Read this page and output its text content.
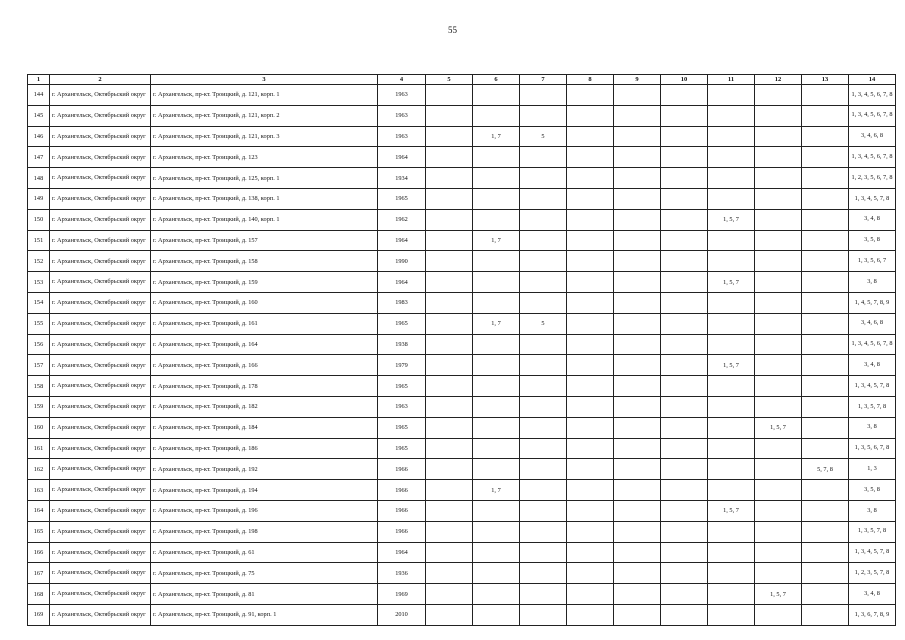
55
1	2	3	4	5	6	7	8	9	10	11	12	13	14
144	г. Архангельск, Октябрьский округ	г. Архангельск, пр-кт. Троицкий, д. 121, корп. 1	1963										1, 3, 4, 5, 6, 7, 8
145	г. Архангельск, Октябрьский округ	г. Архангельск, пр-кт. Троицкий, д. 121, корп. 2	1963										1, 3, 4, 5, 6, 7, 8
146	г. Архангельск, Октябрьский округ	г. Архангельск, пр-кт. Троицкий, д. 121, корп. 3	1963		1, 7	5							3, 4, 6, 8
147	г. Архангельск, Октябрьский округ	г. Архангельск, пр-кт. Троицкий, д. 123	1964										1, 3, 4, 5, 6, 7, 8
148	г. Архангельск, Октябрьский округ	г. Архангельск, пр-кт. Троицкий, д. 125, корп. 1	1934										1, 2, 3, 5, 6, 7, 8
149	г. Архангельск, Октябрьский округ	г. Архангельск, пр-кт. Троицкий, д. 138, корп. 1	1965										1, 3, 4, 5, 7, 8
150	г. Архангельск, Октябрьский округ	г. Архангельск, пр-кт. Троицкий, д. 140, корп. 1	1962							1, 5, 7			3, 4, 8
151	г. Архангельск, Октябрьский округ	г. Архангельск, пр-кт. Троицкий, д. 157	1964		1, 7								3, 5, 8
152	г. Архангельск, Октябрьский округ	г. Архангельск, пр-кт. Троицкий, д. 158	1990										1, 3, 5, 6, 7
153	г. Архангельск, Октябрьский округ	г. Архангельск, пр-кт. Троицкий, д. 159	1964							1, 5, 7			3, 8
154	г. Архангельск, Октябрьский округ	г. Архангельск, пр-кт. Троицкий, д. 160	1983										1, 4, 5, 7, 8, 9
155	г. Архангельск, Октябрьский округ	г. Архангельск, пр-кт. Троицкий, д. 161	1965		1, 7	5							3, 4, 6, 8
156	г. Архангельск, Октябрьский округ	г. Архангельск, пр-кт. Троицкий, д. 164	1938										1, 3, 4, 5, 6, 7, 8
157	г. Архангельск, Октябрьский округ	г. Архангельск, пр-кт. Троицкий, д. 166	1979							1, 5, 7			3, 4, 8
158	г. Архангельск, Октябрьский округ	г. Архангельск, пр-кт. Троицкий, д. 178	1965										1, 3, 4, 5, 7, 8
159	г. Архангельск, Октябрьский округ	г. Архангельск, пр-кт. Троицкий, д. 182	1963										1, 3, 5, 7, 8
160	г. Архангельск, Октябрьский округ	г. Архангельск, пр-кт. Троицкий, д. 184	1965								1, 5, 7		3, 8
161	г. Архангельск, Октябрьский округ	г. Архангельск, пр-кт. Троицкий, д. 186	1965										1, 3, 5, 6, 7, 8
162	г. Архангельск, Октябрьский округ	г. Архангельск, пр-кт. Троицкий, д. 192	1966									5, 7, 8	1, 3
163	г. Архангельск, Октябрьский округ	г. Архангельск, пр-кт. Троицкий, д. 194	1966		1, 7								3, 5, 8
164	г. Архангельск, Октябрьский округ	г. Архангельск, пр-кт. Троицкий, д. 196	1966							1, 5, 7			3, 8
165	г. Архангельск, Октябрьский округ	г. Архангельск, пр-кт. Троицкий, д. 198	1966										1, 3, 5, 7, 8
166	г. Архангельск, Октябрьский округ	г. Архангельск, пр-кт. Троицкий, д. 61	1964										1, 3, 4, 5, 7, 8
167	г. Архангельск, Октябрьский округ	г. Архангельск, пр-кт. Троицкий, д. 75	1936										1, 2, 3, 5, 7, 8
168	г. Архангельск, Октябрьский округ	г. Архангельск, пр-кт. Троицкий, д. 81	1969								1, 5, 7		3, 4, 8
169	г. Архангельск, Октябрьский округ	г. Архангельск, пр-кт. Троицкий, д. 91, корп. 1	2010										1, 3, 6, 7, 8, 9
